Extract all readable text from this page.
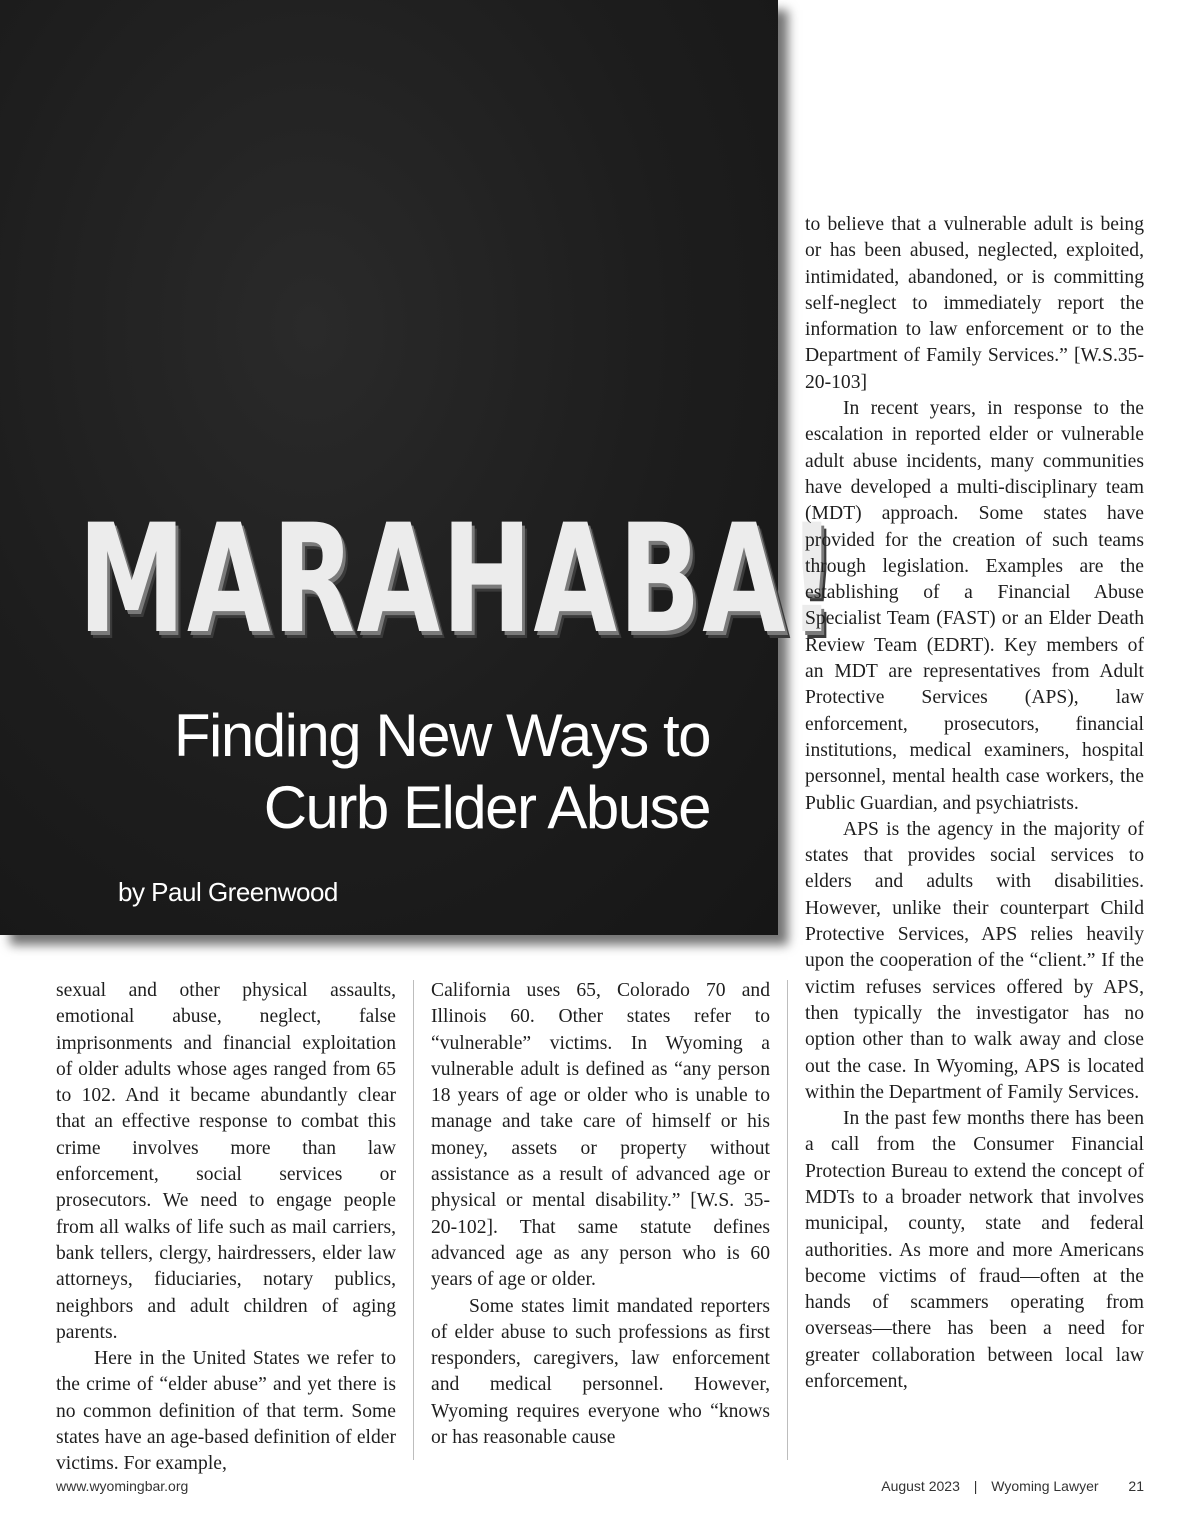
MARAHABA!
Finding New Ways to
Curb Elder Abuse
by Paul Greenwood

to believe that a vulnerable adult is being or has been abused, neglected, exploited, intimidated, abandoned, or is committing self-neglect to immediately report the information to law enforcement or to the Department of Family Services.” [W.S.35-20-103]

In recent years, in response to the escalation in reported elder or vulnerable adult abuse incidents, many communities have developed a multi-disciplinary team (MDT) approach. Some states have provided for the creation of such teams through legislation. Examples are the establishing of a Financial Abuse Specialist Team (FAST) or an Elder Death Review Team (EDRT). Key members of an MDT are representatives from Adult Protective Services (APS), law enforcement, prosecutors, financial institutions, medical examiners, hospital personnel, mental health case workers, the Public Guardian, and psychiatrists.

APS is the agency in the majority of states that provides social services to elders and adults with disabilities. However, unlike their counterpart Child Protective Services, APS relies heavily upon the cooperation of the “client.” If the victim refuses services offered by APS, then typically the investigator has no option other than to walk away and close out the case. In Wyoming, APS is located within the Department of Family Services.

In the past few months there has been a call from the Consumer Financial Protection Bureau to extend the concept of MDTs to a broader network that involves municipal, county, state and federal authorities. As more and more Americans become victims of fraud—often at the hands of scammers operating from overseas—there has been a need for greater collaboration between local law enforcement,

sexual and other physical assaults, emotional abuse, neglect, false imprisonments and financial exploitation of older adults whose ages ranged from 65 to 102. And it became abundantly clear that an effective response to combat this crime involves more than law enforcement, social services or prosecutors. We need to engage people from all walks of life such as mail carriers, bank tellers, clergy, hairdressers, elder law attorneys, fiduciaries, notary publics, neighbors and adult children of aging parents.

Here in the United States we refer to the crime of “elder abuse” and yet there is no common definition of that term. Some states have an age-based definition of elder victims. For example,

California uses 65, Colorado 70 and Illinois 60. Other states refer to “vulnerable” victims. In Wyoming a vulnerable adult is defined as “any person 18 years of age or older who is unable to manage and take care of himself or his money, assets or property without assistance as a result of advanced age or physical or mental disability.” [W.S. 35-20-102]. That same statute defines advanced age as any person who is 60 years of age or older.

Some states limit mandated reporters of elder abuse to such professions as first responders, caregivers, law enforcement and medical personnel. However, Wyoming requires everyone who “knows or has reasonable cause

www.wyomingbar.org	August 2023 | Wyoming Lawyer 21
